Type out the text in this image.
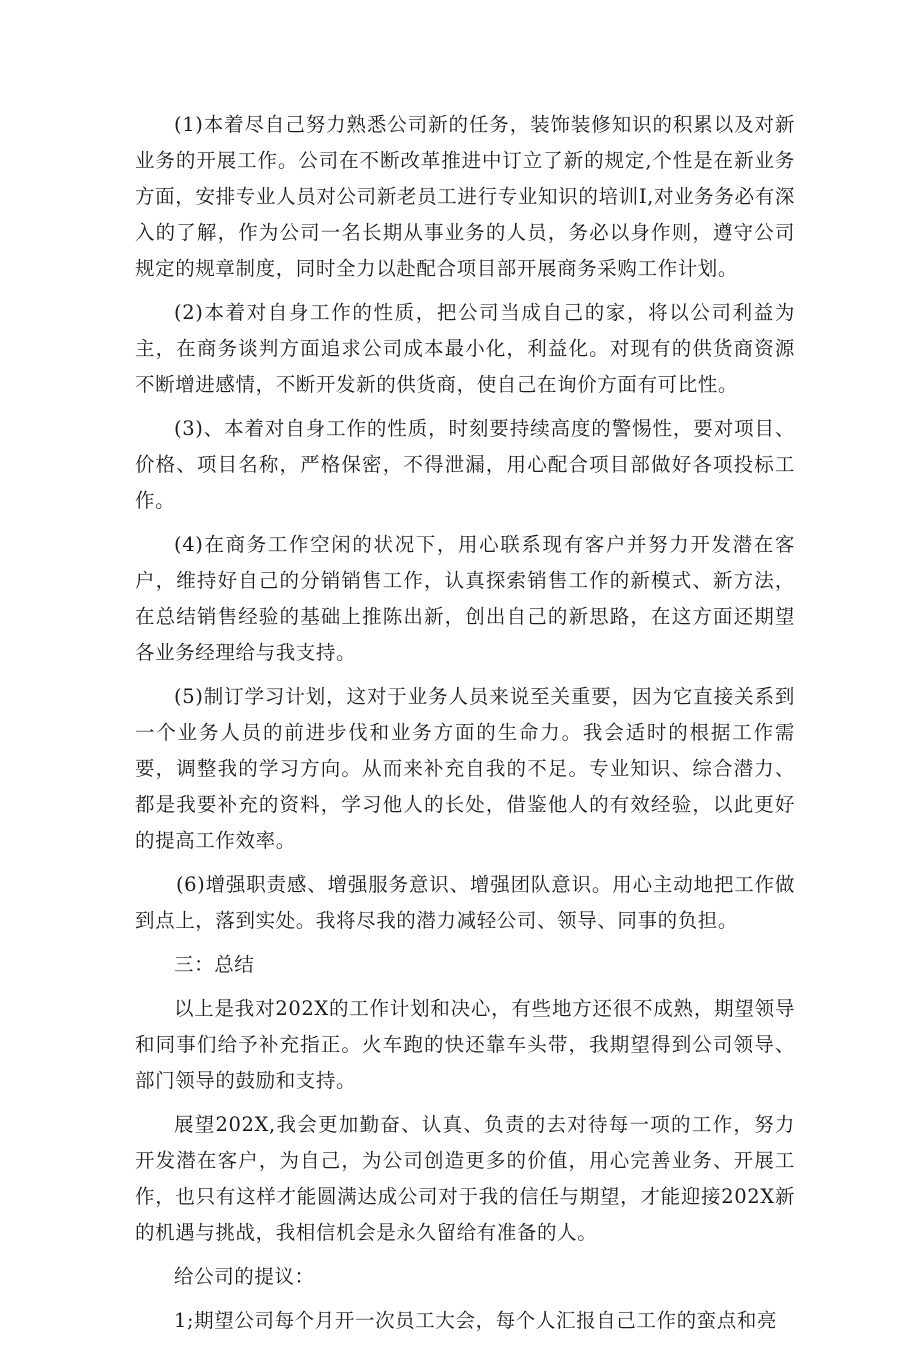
(1)本着尽自己努力熟悉公司新的任务，装饰装修知识的积累以及对新业务的开展工作。公司在不断改革推进中订立了新的规定,个性是在新业务方面，安排专业人员对公司新老员工进行专业知识的培训I,对业务务必有深入的了解，作为公司一名长期从事业务的人员，务必以身作则，遵守公司规定的规章制度，同时全力以赴配合项目部开展商务采购工作计划。

(2)本着对自身工作的性质，把公司当成自己的家，将以公司利益为主，在商务谈判方面追求公司成本最小化，利益化。对现有的供货商资源不断增进感情，不断开发新的供货商，使自己在询价方面有可比性。

(3)、本着对自身工作的性质，时刻要持续高度的警惕性，要对项目、价格、项目名称，严格保密，不得泄漏，用心配合项目部做好各项投标工作。

(4)在商务工作空闲的状况下，用心联系现有客户并努力开发潜在客户，维持好自己的分销销售工作，认真探索销售工作的新模式、新方法，在总结销售经验的基础上推陈出新，创出自己的新思路，在这方面还期望各业务经理给与我支持。

(5)制订学习计划，这对于业务人员来说至关重要，因为它直接关系到一个业务人员的前进步伐和业务方面的生命力。我会适时的根据工作需要，调整我的学习方向。从而来补充自我的不足。专业知识、综合潜力、都是我要补充的资料，学习他人的长处，借鉴他人的有效经验，以此更好的提高工作效率。

(6)增强职责感、增强服务意识、增强团队意识。用心主动地把工作做到点上，落到实处。我将尽我的潜力减轻公司、领导、同事的负担。

三：总结

以上是我对202X的工作计划和决心，有些地方还很不成熟，期望领导和同事们给予补充指正。火车跑的快还靠车头带，我期望得到公司领导、部门领导的鼓励和支持。

展望202X,我会更加勤奋、认真、负责的去对待每一项的工作，努力开发潜在客户，为自己，为公司创造更多的价值，用心完善业务、开展工作，也只有这样才能圆满达成公司对于我的信任与期望，才能迎接202X新的机遇与挑战，我相信机会是永久留给有准备的人。

给公司的提议：

1;期望公司每个月开一次员工大会，每个人汇报自己工作的蛮点和亮
